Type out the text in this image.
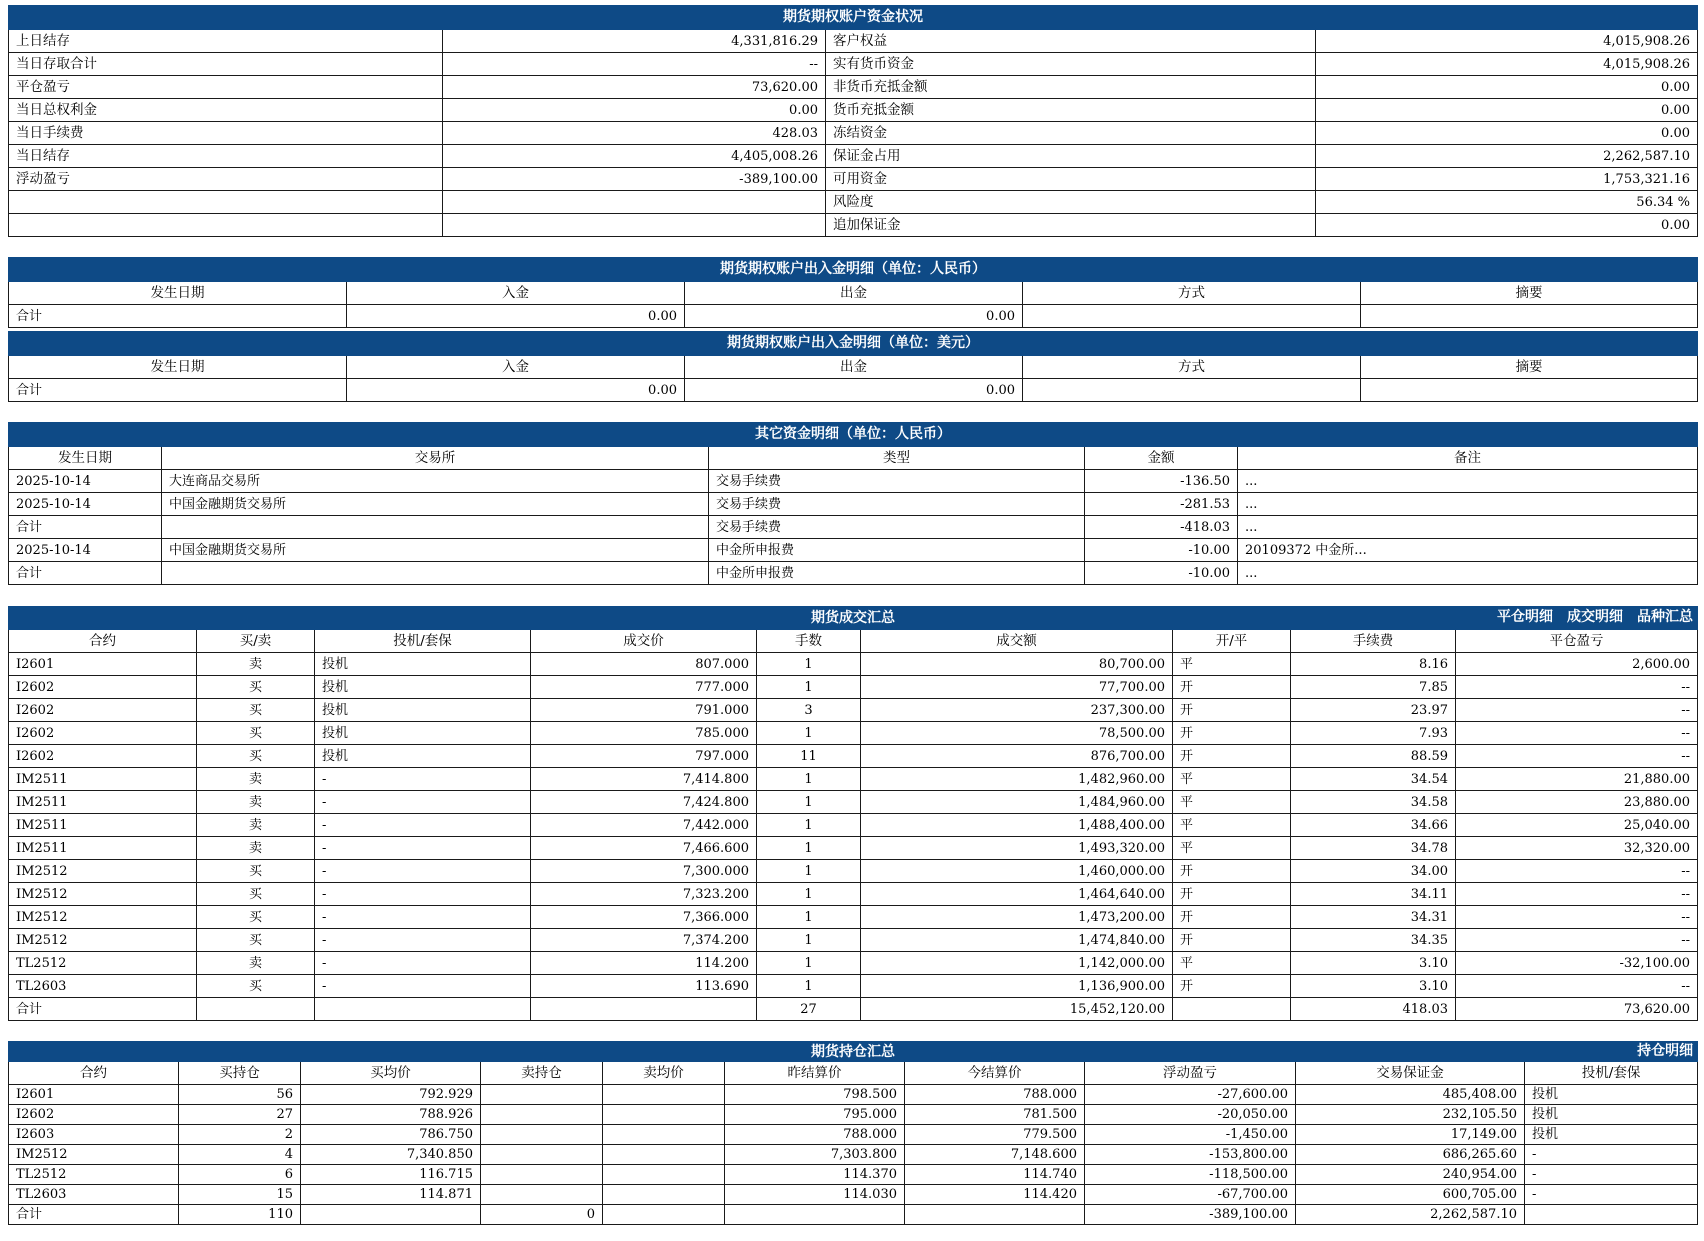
期货期权账户资金状况			
上日结存	4,331,816.29	客户权益	4,015,908.26
当日存取合计	--	实有货币资金	4,015,908.26
平仓盈亏	73,620.00	非货币充抵金额	0.00
当日总权利金	0.00	货币充抵金额	0.00
当日手续费	428.03	冻结资金	0.00
当日结存	4,405,008.26	保证金占用	2,262,587.10
浮动盈亏	-389,100.00	可用资金	1,753,321.16
		风险度	56.34 %
		追加保证金	0.00
期货期权账户出入金明细（单位：人民币）				
发生日期	入金	出金	方式	摘要
合计	0.00	0.00		
期货期权账户出入金明细（单位：美元）				
发生日期	入金	出金	方式	摘要
合计	0.00	0.00		
其它资金明细（单位：人民币）				
发生日期	交易所	类型	金额	备注
2025-10-14	大连商品交易所	交易手续费	-136.50	...
2025-10-14	中国金融期货交易所	交易手续费	-281.53	...
合计		交易手续费	-418.03	...
2025-10-14	中国金融期货交易所	中金所申报费	-10.00	20109372 中金所...
合计		中金所申报费	-10.00	...
期货成交汇总 平仓明细 成交明细 品种汇总								

合约	买/卖	投机/套保	成交价	手数	成交额	开/平	手续费	平仓盈亏
I2601	卖	投机	807.000	1	80,700.00	平	8.16	2,600.00
I2602	买	投机	777.000	1	77,700.00	开	7.85	--
I2602	买	投机	791.000	3	237,300.00	开	23.97	--
I2602	买	投机	785.000	1	78,500.00	开	7.93	--
I2602	买	投机	797.000	11	876,700.00	开	88.59	--
IM2511	卖	-	7,414.800	1	1,482,960.00	平	34.54	21,880.00
IM2511	卖	-	7,424.800	1	1,484,960.00	平	34.58	23,880.00
IM2511	卖	-	7,442.000	1	1,488,400.00	平	34.66	25,040.00
IM2511	卖	-	7,466.600	1	1,493,320.00	平	34.78	32,320.00
IM2512	买	-	7,300.000	1	1,460,000.00	开	34.00	--
IM2512	买	-	7,323.200	1	1,464,640.00	开	34.11	--
IM2512	买	-	7,366.000	1	1,473,200.00	开	34.31	--
IM2512	买	-	7,374.200	1	1,474,840.00	开	34.35	--
TL2512	卖	-	114.200	1	1,142,000.00	平	3.10	-32,100.00
TL2603	买	-	113.690	1	1,136,900.00	开	3.10	--
合计				27	15,452,120.00		418.03	73,620.00
期货持仓汇总 持仓明细									

合约	买持仓	买均价	卖持仓	卖均价	昨结算价	今结算价	浮动盈亏	交易保证金	投机/套保
I2601	56	792.929			798.500	788.000	-27,600.00	485,408.00	投机
I2602	27	788.926			795.000	781.500	-20,050.00	232,105.50	投机
I2603	2	786.750			788.000	779.500	-1,450.00	17,149.00	投机
IM2512	4	7,340.850			7,303.800	7,148.600	-153,800.00	686,265.60	-
TL2512	6	116.715			114.370	114.740	-118,500.00	240,954.00	-
TL2603	15	114.871			114.030	114.420	-67,700.00	600,705.00	-
合计	110		0				-389,100.00	2,262,587.10	
